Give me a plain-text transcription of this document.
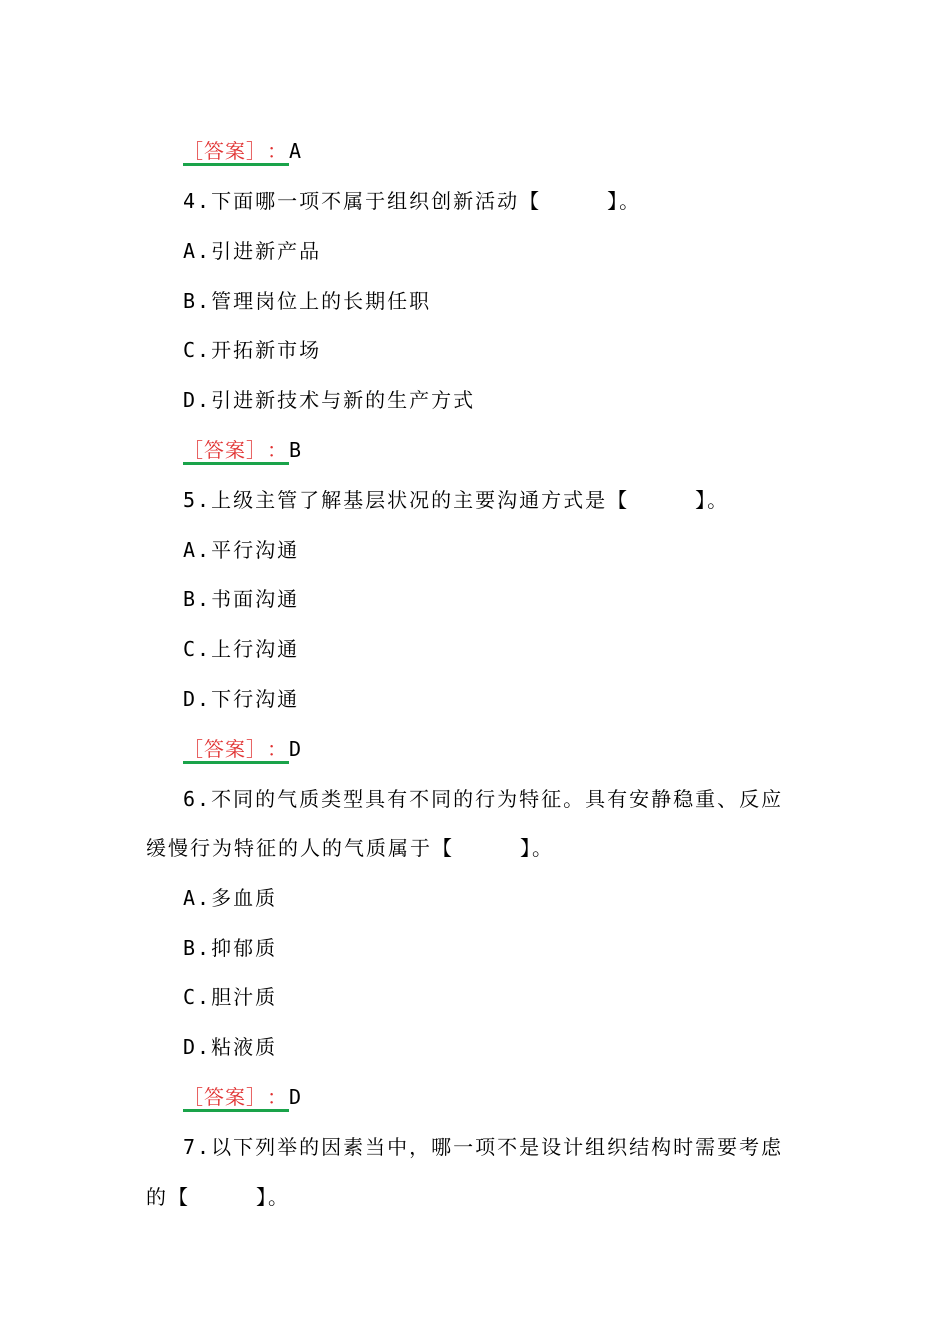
［答案］：A
4.下面哪一项不属于组织创新活动【　　　】。
A.引进新产品
B.管理岗位上的长期任职
C.开拓新市场
D.引进新技术与新的生产方式
［答案］：B
5.上级主管了解基层状况的主要沟通方式是【　　　】。
A.平行沟通
B.书面沟通
C.上行沟通
D.下行沟通
［答案］：D
6.不同的气质类型具有不同的行为特征。具有安静稳重、反应
缓慢行为特征的人的气质属于【　　　】。
A.多血质
B.抑郁质
C.胆汁质
D.粘液质
［答案］：D
7.以下列举的因素当中，哪一项不是设计组织结构时需要考虑
的【　　　】。
